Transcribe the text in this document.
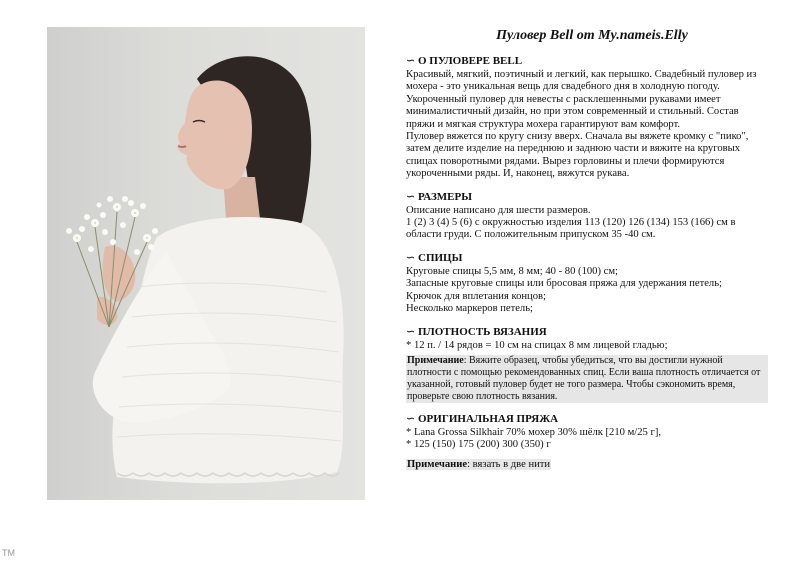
Пуловер Bell от My.nameis.Elly
∽ О ПУЛОВЕРЕ BELL

Красивый, мягкий, поэтичный и легкий, как перышко. Свадебный пуловер из мохера - это уникальная вещь для свадебного дня в холодную погоду. Укороченный пуловер для невесты с расклешенными рукавами имеет минималистичный дизайн, но при этом современный и стильный. Состав пряжи и мягкая структура мохера гарантируют вам комфорт.

Пуловер вяжется по кругу снизу вверх. Сначала вы вяжете кромку с "пико", затем делите изделие на переднюю и заднюю части и вяжите на круговых спицах поворотными рядами. Вырез горловины и плечи формируются укороченными ряды. И, наконец, вяжутся рукава.

∽ РАЗМЕРЫ

Описание написано для шести размеров.

1 (2) 3 (4) 5 (6) с окружностью изделия 113 (120) 126 (134) 153 (166) см в области груди. С положительным припуском 35 -40 см.

∽ СПИЦЫ

Круговые спицы 5,5 мм, 8 мм; 40 - 80 (100) см;

Запасные круговые спицы или бросовая пряжа для удержания петель;

Крючок для вплетания концов;

Несколько маркеров петель;

∽ ПЛОТНОСТЬ ВЯЗАНИЯ

* 12 п. / 14 рядов = 10 см на спицах 8 мм лицевой гладью;

Примечание: Вяжите образец, чтобы убедиться, что вы достигли нужной плотности с помощью рекомендованных спиц. Если ваша плотность отличается от указанной, готовый пуловер будет не того размера. Чтобы сэкономить время, проверьте свою плотность вязания.

∽ ОРИГИНАЛЬНАЯ ПРЯЖА

* Lana Grossa Silkhair 70% мохер 30% шёлк [210 м/25 г],

* 125 (150) 175 (200) 300 (350) г

Примечание: вязать в две нити

TM
